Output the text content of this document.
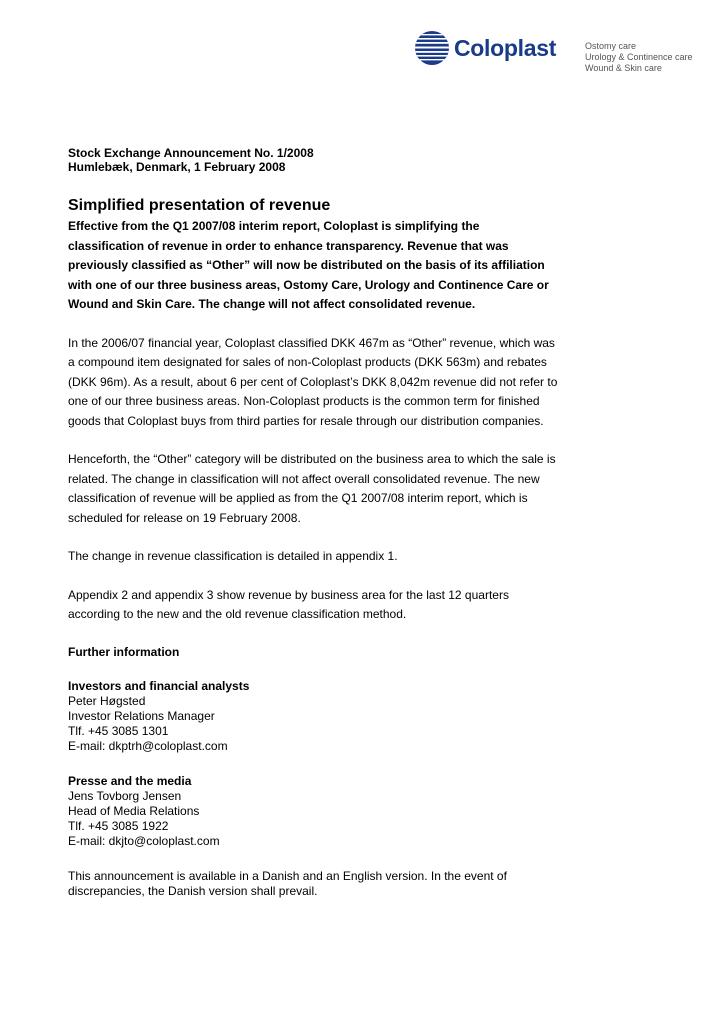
Coloplast	Ostomy care
Urology & Continence care
Wound & Skin care
Stock Exchange Announcement No. 1/2008
Humlebæk, Denmark, 1 February 2008
Simplified presentation of revenue
Effective from the Q1 2007/08 interim report, Coloplast is simplifying the classification of revenue in order to enhance transparency. Revenue that was previously classified as “Other” will now be distributed on the basis of its affiliation with one of our three business areas, Ostomy Care, Urology and Continence Care or Wound and Skin Care. The change will not affect consolidated revenue.
In the 2006/07 financial year, Coloplast classified DKK 467m as “Other” revenue, which was a compound item designated for sales of non-Coloplast products (DKK 563m) and rebates (DKK 96m). As a result, about 6 per cent of Coloplast’s DKK 8,042m revenue did not refer to one of our three business areas. Non-Coloplast products is the common term for finished goods that Coloplast buys from third parties for resale through our distribution companies.
Henceforth, the “Other” category will be distributed on the business area to which the sale is related. The change in classification will not affect overall consolidated revenue. The new classification of revenue will be applied as from the Q1 2007/08 interim report, which is scheduled for release on 19 February 2008.
The change in revenue classification is detailed in appendix 1.
Appendix 2 and appendix 3 show revenue by business area for the last 12 quarters according to the new and the old revenue classification method.
Further information
Investors and financial analysts
Peter Høgsted
Investor Relations Manager
Tlf. +45 3085 1301
E-mail: dkptrh@coloplast.com
Presse and the media
Jens Tovborg Jensen
Head of Media Relations
Tlf. +45 3085 1922
E-mail: dkjto@coloplast.com
This announcement is available in a Danish and an English version. In the event of discrepancies, the Danish version shall prevail.
